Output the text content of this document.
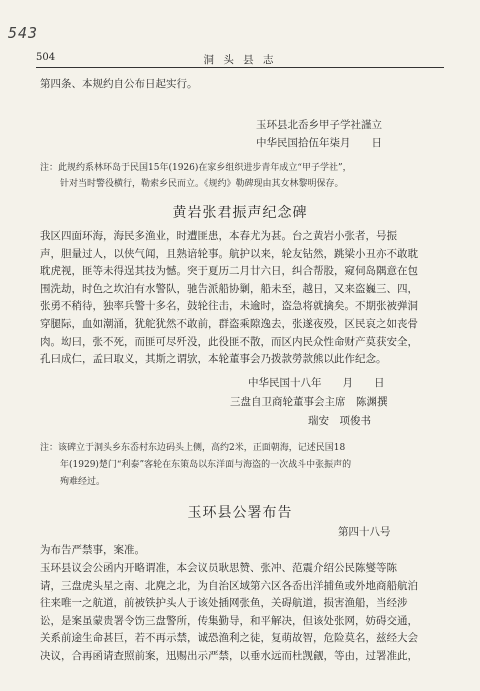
543
504	洞 头 县 志
第四条、本规约自公布日起实行。
玉环县北岙乡甲子学社謹立
中华民国拾伍年柒月　　日
注：此规约系林环岛于民国15年(1926)在家乡组织进步青年成立“甲子学社”，
针对当时警役横行，勒索乡民而立。《规约》勒碑现由其女林黎明保存。
黄岩张君振声纪念碑
我区四面环海，海民多渔业，时遭匪患，本春尤为甚。台之黄岩小张者，号振
声，胆量过人，以侠气闻，且熟谙轮事。航护以来，轮友钻然，跳梁小丑亦不敢耽
耽虎视，匪等未得逞其技为憾。突于夏历二月廿六日，纠合帮股，窥伺岛隅意在包
围洗劫，时色之坎泊有水警队，驰告派船协剿，船未至，越日，又来盗巍三、四，
张勇不稍待，独率兵警十多名，鼓轮往击，未逾时，盗急将就擒矣。不期张被弹洞
穿腿际，血如潮涌，犹舵犹然不敢前，群盗乘隙逸去，张遂夜殁，区民哀之如丧骨
肉。㘭曰，张不死，而匪可尽歼没，此役匪不散，而区内民众性命财产莫获安全，
孔曰成仁，孟曰取义，其斯之谓欤，本轮董事会乃拨款勞款熊以此作纪念。
中华民国十八年　　月　　日
三盘自卫商轮董事会主席　陈渊撰
瑞安　项俊书
注：该碑立于洞头乡东岙村东边码头上侧，高约2米，正面朝海，记述民国18
年(1929)楚门“利泰”客轮在东策岛以东洋面与海盗的一次战斗中张振声的
殉难经过。
玉环县公署布告
第四十八号
为布告严禁事，案准。
玉环县议会公函内开略谓准，本会议员耿思赞、张冲、范震介绍公民陈燮等陈
请，三盘虎头星之南、北麂之北，为自治区域第六区各岙出洋捕鱼或外地商船航泊
往来唯一之航道，前被铁护头人于该处插网张鱼，关碍航道，损害渔船，当经涉
讼，是案虽蒙贵署令饬三盘警所，传集勤导，和平解决，但该处张网，妨碍交通，
关系前途生命甚巨，若不再示禁，诚恐渔利之徒，复萌故智，危险莫名，兹经大会
决议，合再函请查照前案，迅赐出示严禁，以垂水远而杜觊觎，等由，过署准此，
